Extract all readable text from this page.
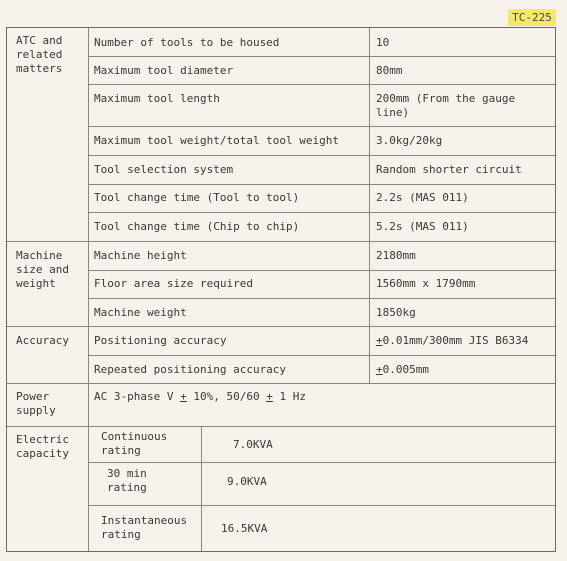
TC-225
ATC and
related
matters
Number of tools to be housed	10
Maximum tool diameter	80mm
Maximum tool length	200mm (From the gauge
line)
Maximum tool weight/total tool weight	3.0kg/20kg
Tool selection system	Random shorter circuit
Tool change time (Tool to tool)	2.2s (MAS 011)
Tool change time (Chip to chip)	5.2s (MAS 011)
Machine
size and
weight
Machine height	2180mm
Floor area size required	1560mm x 1790mm
Machine weight	1850kg
Accuracy	Positioning accuracy	+0.01mm/300mm JIS B6334
Repeated positioning accuracy	+0.005mm
Power
supply
AC 3-phase V + 10%, 50/60 + 1 Hz
Electric
capacity
Continuous
rating	7.0KVA
30 min
rating	9.0KVA
Instantaneous
rating	16.5KVA
